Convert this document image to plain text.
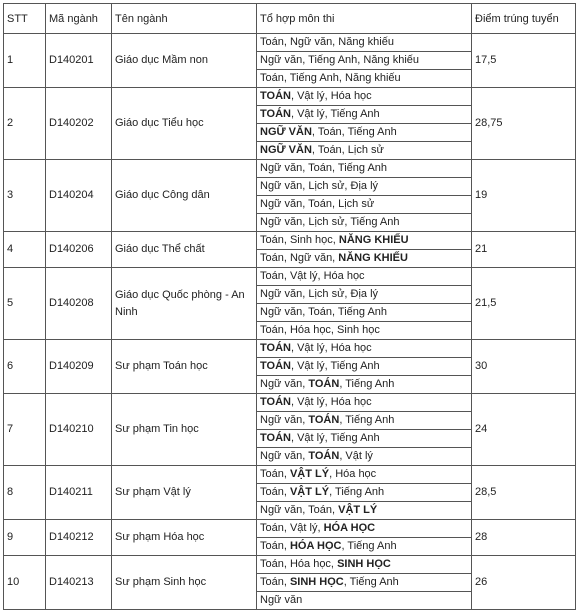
STT	Mã ngành	Tên ngành	Tổ hợp môn thi	Điểm trúng tuyển
1	D140201	Giáo dục Mầm non	Toán, Ngữ văn, Năng khiếu	17,5
			Ngữ văn, Tiếng Anh, Năng khiếu	
			Toán, Tiếng Anh, Năng khiếu	
2	D140202	Giáo dục Tiểu học	TOÁN, Vật lý, Hóa học	28,75
			TOÁN, Vật lý, Tiếng Anh	
			NGỮ VĂN, Toán, Tiếng Anh	
			NGỮ VĂN, Toán, Lịch sử	
3	D140204	Giáo dục Công dân	Ngữ văn, Toán, Tiếng Anh	19
			Ngữ văn, Lịch sử, Địa lý	
			Ngữ văn, Toán, Lịch sử	
			Ngữ văn, Lịch sử, Tiếng Anh	
4	D140206	Giáo dục Thể chất	Toán, Sinh học, NĂNG KHIẾU	21
			Toán, Ngữ văn, NĂNG KHIẾU	
5	D140208	Giáo dục Quốc phòng - An Ninh	Toán, Vật lý, Hóa học	21,5
			Ngữ văn, Lịch sử, Địa lý	
			Ngữ văn, Toán, Tiếng Anh	
			Toán, Hóa học, Sinh học	
6	D140209	Sư phạm Toán học	TOÁN, Vật lý, Hóa học	30
			TOÁN, Vật lý, Tiếng Anh	
			Ngữ văn, TOÁN, Tiếng Anh	
7	D140210	Sư phạm Tin học	TOÁN, Vật lý, Hóa học	24
			Ngữ văn, TOÁN, Tiếng Anh	
			TOÁN, Vật lý, Tiếng Anh	
			Ngữ văn, TOÁN, Vật lý	
8	D140211	Sư phạm Vật lý	Toán, VẬT LÝ, Hóa học	28,5
			Toán, VẬT LÝ, Tiếng Anh	
			Ngữ văn, Toán, VẬT LÝ	
9	D140212	Sư phạm Hóa học	Toán, Vật lý, HÓA HỌC	28
			Toán, HÓA HỌC, Tiếng Anh	
10	D140213	Sư phạm Sinh học	Toán, Hóa học, SINH HỌC	26
			Toán, SINH HỌC, Tiếng Anh	
			Ngữ văn	
